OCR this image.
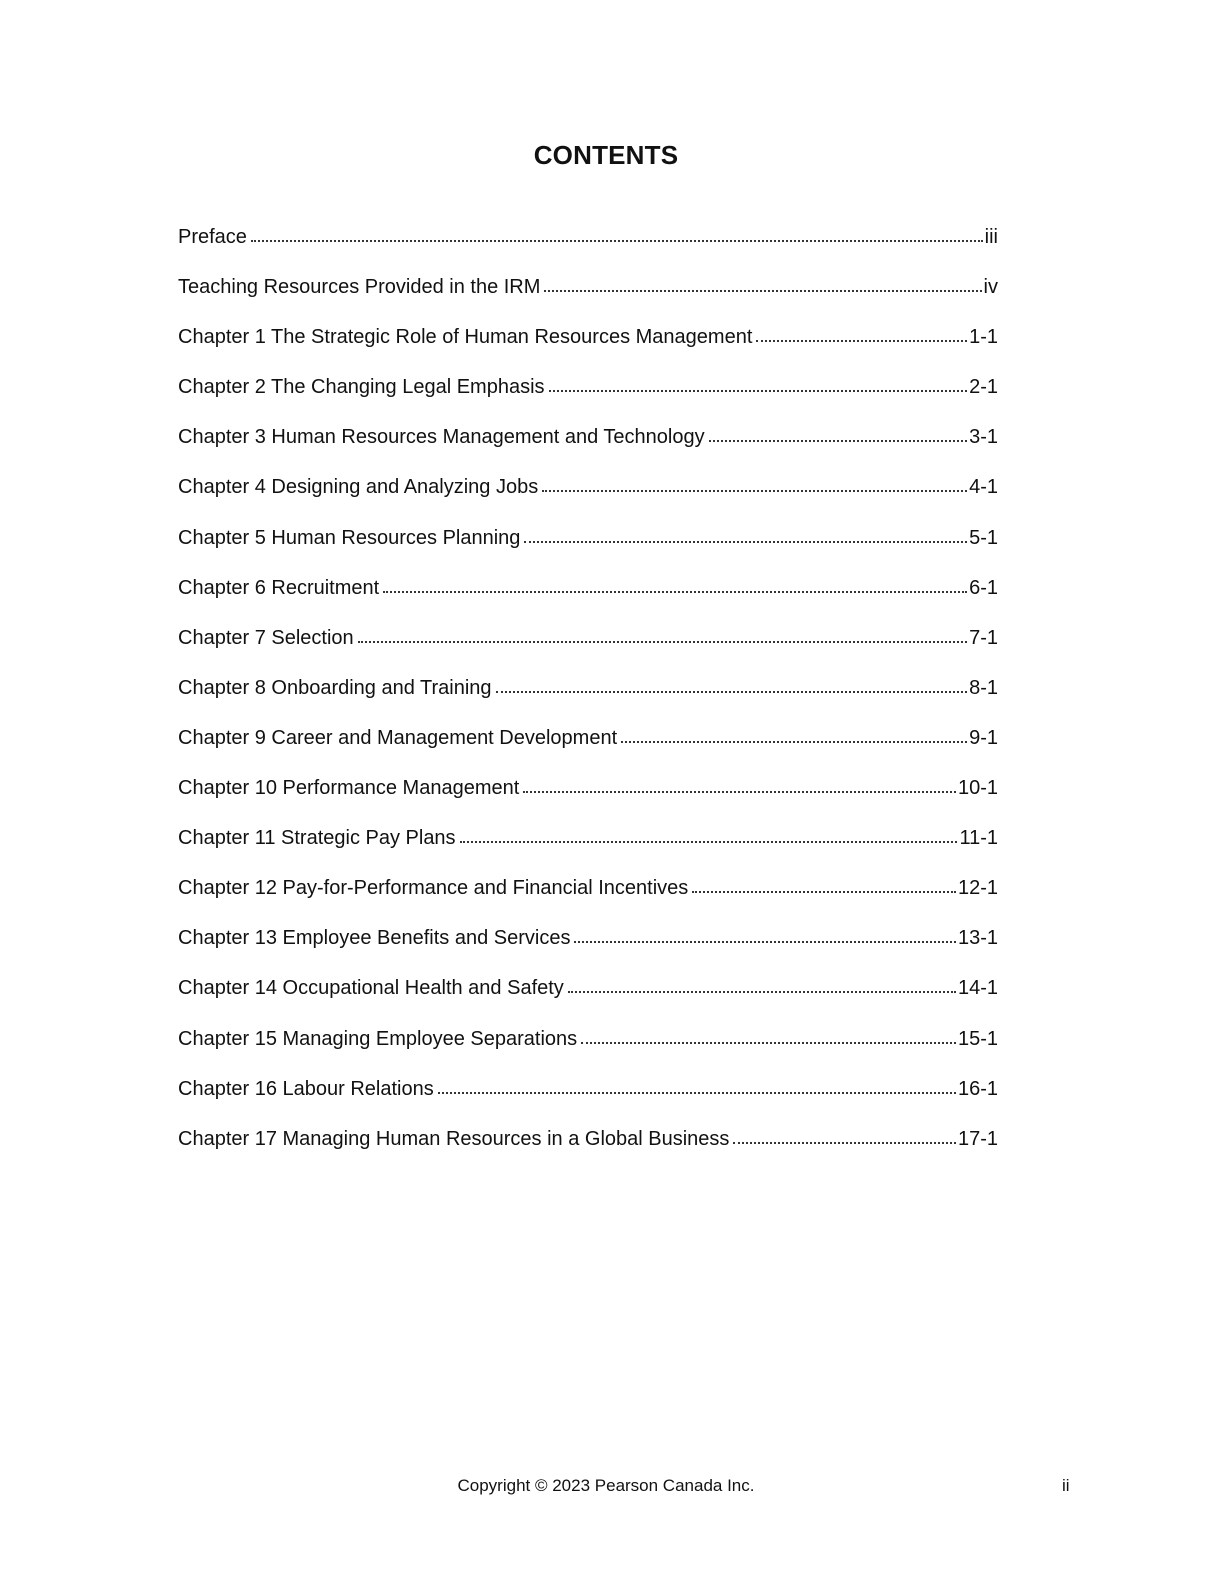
CONTENTS
Preface	iii
Teaching Resources Provided in the IRM	iv
Chapter 1 The Strategic Role of Human Resources Management	1-1
Chapter 2 The Changing Legal Emphasis	2-1
Chapter 3 Human Resources Management and Technology	3-1
Chapter 4 Designing and Analyzing Jobs	4-1
Chapter 5 Human Resources Planning	5-1
Chapter 6 Recruitment	6-1
Chapter 7 Selection	7-1
Chapter 8 Onboarding and Training	8-1
Chapter 9 Career and Management Development	9-1
Chapter 10 Performance Management	10-1
Chapter 11 Strategic Pay Plans	11-1
Chapter 12 Pay-for-Performance and Financial Incentives	12-1
Chapter 13 Employee Benefits and Services	13-1
Chapter 14 Occupational Health and Safety	14-1
Chapter 15 Managing Employee Separations	15-1
Chapter 16 Labour Relations	16-1
Chapter 17 Managing Human Resources in a Global Business	17-1
Copyright © 2023 Pearson Canada Inc.	ii
